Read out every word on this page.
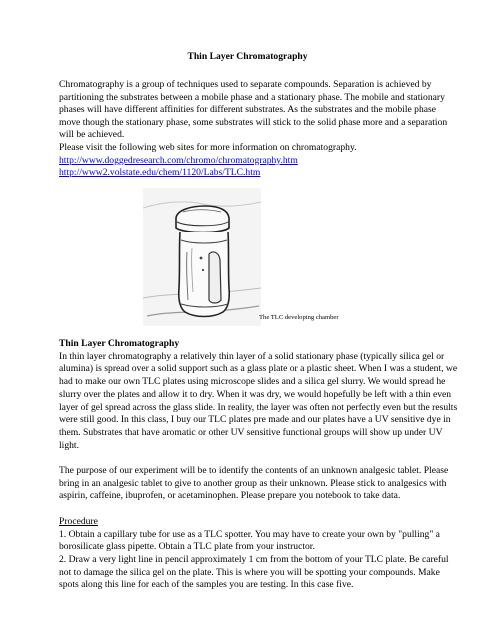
Thin Layer Chromatography

Chromatography is a group of techniques used to separate compounds. Separation is achieved by partitioning the substrates between a mobile phase and a stationary phase. The mobile and stationary phases will have different affinities for different substrates. As the substrates and the mobile phase move though the stationary phase, some substrates will stick to the solid phase more and a separation will be achieved.

Please visit the following web sites for more information on chromatography.

http://www.doggedresearch.com/chromo/chromatography.htm
http://www2.volstate.edu/chem/1120/Labs/TLC.htm
The TLC developing chamber
Thin Layer Chromatography

In thin layer chromatography a relatively thin layer of a solid stationary phase (typically silica gel or alumina) is spread over a solid support such as a glass plate or a plastic sheet. When I was a student, we had to make our own TLC plates using microscope slides and a silica gel slurry. We would spread he slurry over the plates and allow it to dry. When it was dry, we would hopefully be left with a thin even layer of gel spread across the glass slide. In reality, the layer was often not perfectly even but the results were still good. In this class, I buy our TLC plates pre made and our plates have a UV sensitive dye in them. Substrates that have aromatic or other UV sensitive functional groups will show up under UV light.

The purpose of our experiment will be to identify the contents of an unknown analgesic tablet. Please bring in an analgesic tablet to give to another group as their unknown. Please stick to analgesics with aspirin, caffeine, ibuprofen, or acetaminophen. Please prepare you notebook to take data.

Procedure
1. Obtain a capillary tube for use as a TLC spotter. You may have to create your own by "pulling" a borosilicate glass pipette. Obtain a TLC plate from your instructor.
2. Draw a very light line in pencil approximately 1 cm from the bottom of your TLC plate. Be careful not to damage the silica gel on the plate. This is where you will be spotting your compounds. Make spots along this line for each of the samples you are testing. In this case five.
